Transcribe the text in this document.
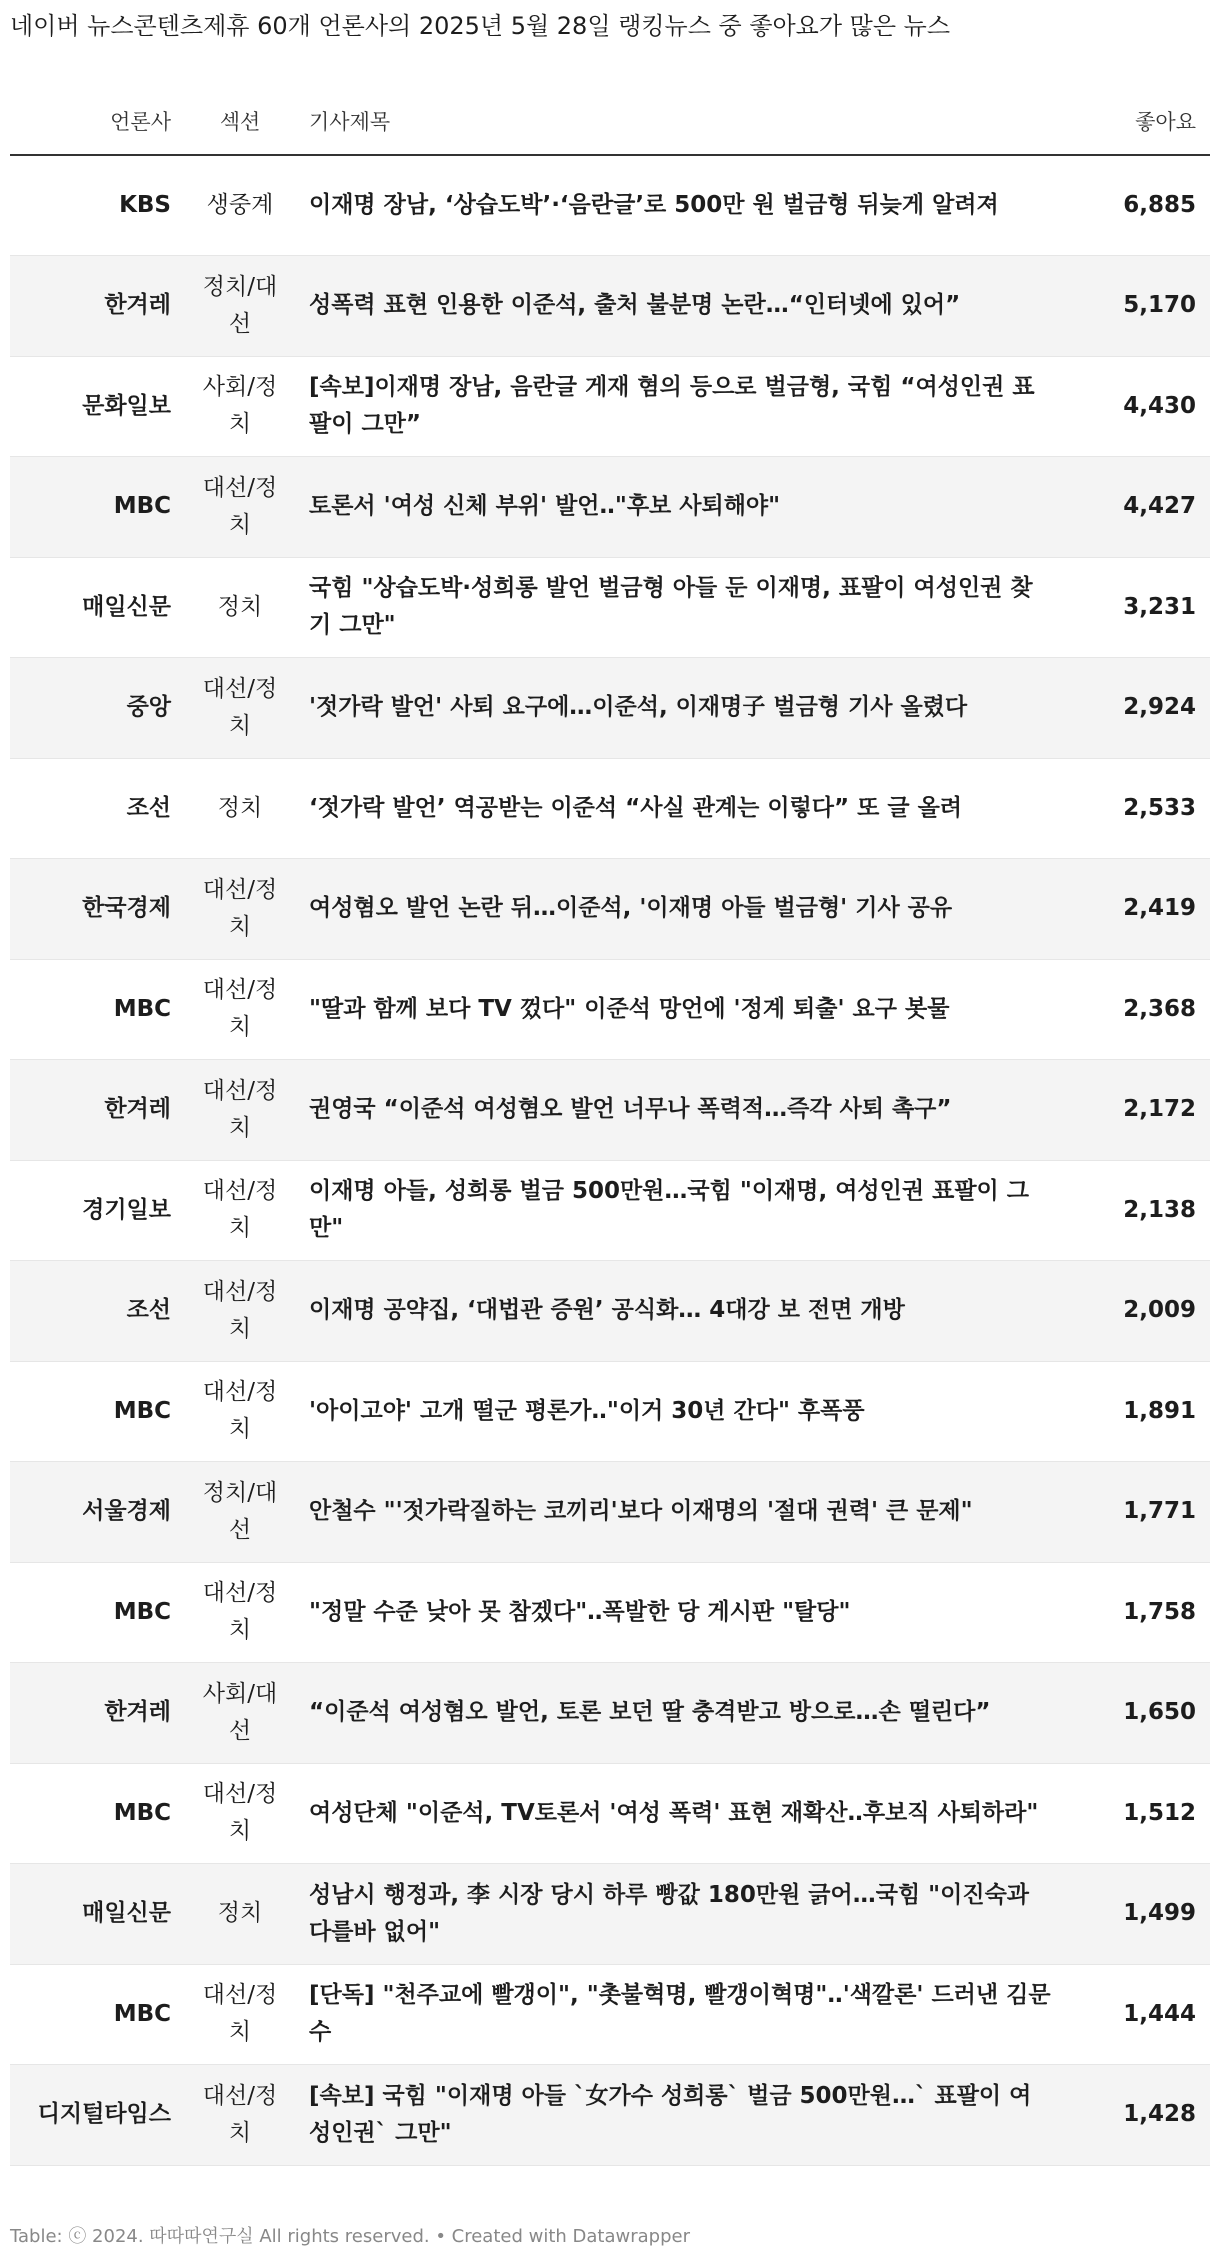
네이버 뉴스콘텐츠제휴 60개 언론사의 2025년 5월 28일 랭킹뉴스 중 좋아요가 많은 뉴스
언론사	섹션	기사제목	좋아요
KBS	생중계	이재명 장남, ‘상습도박’·‘음란글’로 500만 원 벌금형 뒤늦게 알려져	6,885
한겨레	정치/대선	성폭력 표현 인용한 이준석, 출처 불분명 논란…“인터넷에 있어”	5,170
문화일보	사회/정치	[속보]이재명 장남, 음란글 게재 혐의 등으로 벌금형, 국힘 “여성인권 표팔이 그만”	4,430
MBC	대선/정치	토론서 '여성 신체 부위' 발언‥"후보 사퇴해야"	4,427
매일신문	정치	국힘 "상습도박·성희롱 발언 벌금형 아들 둔 이재명, 표팔이 여성인권 찾기 그만"	3,231
중앙	대선/정치	'젓가락 발언' 사퇴 요구에…이준석, 이재명子 벌금형 기사 올렸다	2,924
조선	정치	‘젓가락 발언’ 역공받는 이준석 “사실 관계는 이렇다” 또 글 올려	2,533
한국경제	대선/정치	여성혐오 발언 논란 뒤…이준석, '이재명 아들 벌금형' 기사 공유	2,419
MBC	대선/정치	"딸과 함께 보다 TV 껐다" 이준석 망언에 '정계 퇴출' 요구 봇물	2,368
한겨레	대선/정치	권영국 “이준석 여성혐오 발언 너무나 폭력적…즉각 사퇴 촉구”	2,172
경기일보	대선/정치	이재명 아들, 성희롱 벌금 500만원…국힘 "이재명, 여성인권 표팔이 그만"	2,138
조선	대선/정치	이재명 공약집, ‘대법관 증원’ 공식화… 4대강 보 전면 개방	2,009
MBC	대선/정치	'아이고야' 고개 떨군 평론가‥"이거 30년 간다" 후폭풍	1,891
서울경제	정치/대선	안철수 "'젓가락질하는 코끼리'보다 이재명의 '절대 권력' 큰 문제"	1,771
MBC	대선/정치	"정말 수준 낮아 못 참겠다"‥폭발한 당 게시판 "탈당"	1,758
한겨레	사회/대선	“이준석 여성혐오 발언, 토론 보던 딸 충격받고 방으로…손 떨린다”	1,650
MBC	대선/정치	여성단체 "이준석, TV토론서 '여성 폭력' 표현 재확산‥후보직 사퇴하라"	1,512
매일신문	정치	성남시 행정과, 李 시장 당시 하루 빵값 180만원 긁어…국힘 "이진숙과 다를바 없어"	1,499
MBC	대선/정치	[단독] "천주교에 빨갱이", "촛불혁명, 빨갱이혁명"‥'색깔론' 드러낸 김문수	1,444
디지털타임스	대선/정치	[속보] 국힘 "이재명 아들 `女가수 성희롱` 벌금 500만원…` 표팔이 여성인권` 그만"	1,428
Table: ⓒ 2024. 따따따연구실 All rights reserved. • Created with Datawrapper
